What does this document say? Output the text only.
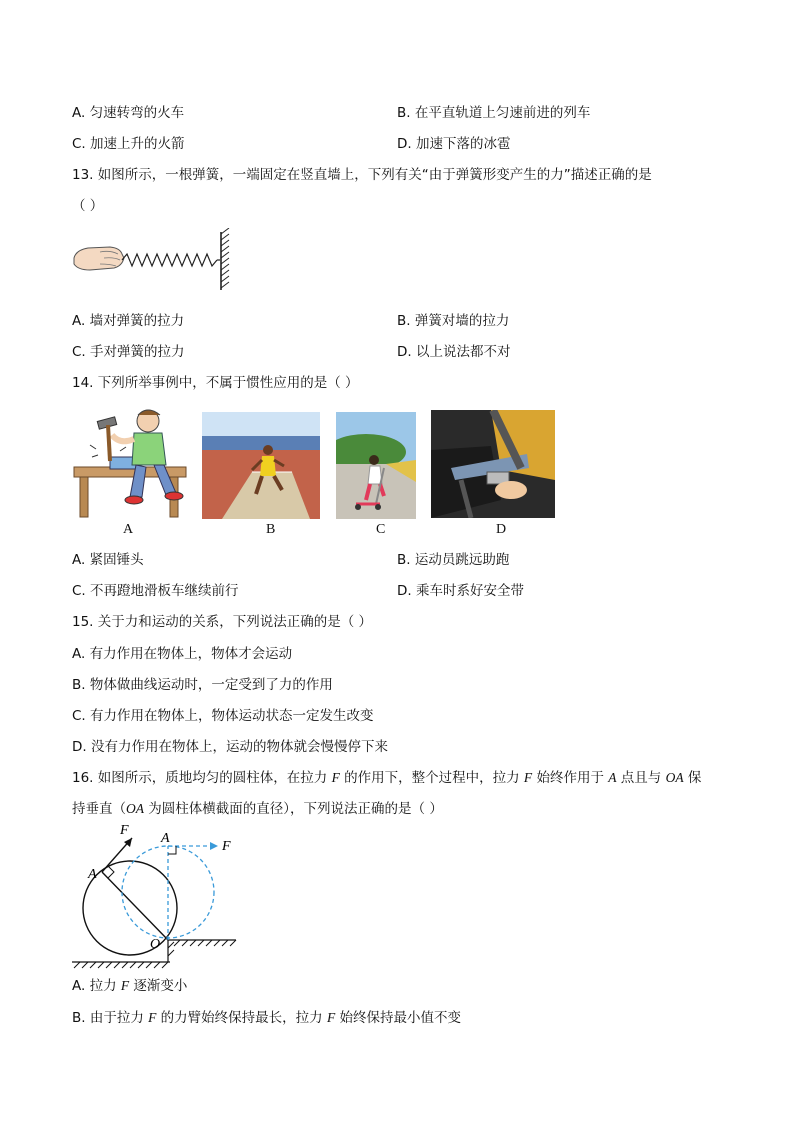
A. 匀速转弯的火车	B. 在平直轨道上匀速前进的列车
C. 加速上升的火箭	D. 加速下落的冰雹
13. 如图所示，一根弹簧，一端固定在竖直墙上，下列有关“由于弹簧形变产生的力”描述正确的是
（ ）
A. 墙对弹簧的拉力	B. 弹簧对墙的拉力
C. 手对弹簧的拉力	D. 以上说法都不对
14. 下列所举事例中，不属于惯性应用的是（ ）
A	B	C	D
A. 紧固锤头	B. 运动员跳远助跑
C. 不再蹬地滑板车继续前行	D. 乘车时系好安全带
15. 关于力和运动的关系，下列说法正确的是（ ）
A. 有力作用在物体上，物体才会运动
B. 物体做曲线运动时，一定受到了力的作用
C. 有力作用在物体上，物体运动状态一定发生改变
D. 没有力作用在物体上，运动的物体就会慢慢停下来
16. 如图所示，质地均匀的圆柱体，在拉力 F 的作用下，整个过程中，拉力 F 始终作用于 A 点且与 OA 保
持垂直（OA 为圆柱体横截面的直径），下列说法正确的是（ ）
F
A
F
A
O
A. 拉力 F 逐渐变小
B. 由于拉力 F 的力臂始终保持最长，拉力 F 始终保持最小值不变
